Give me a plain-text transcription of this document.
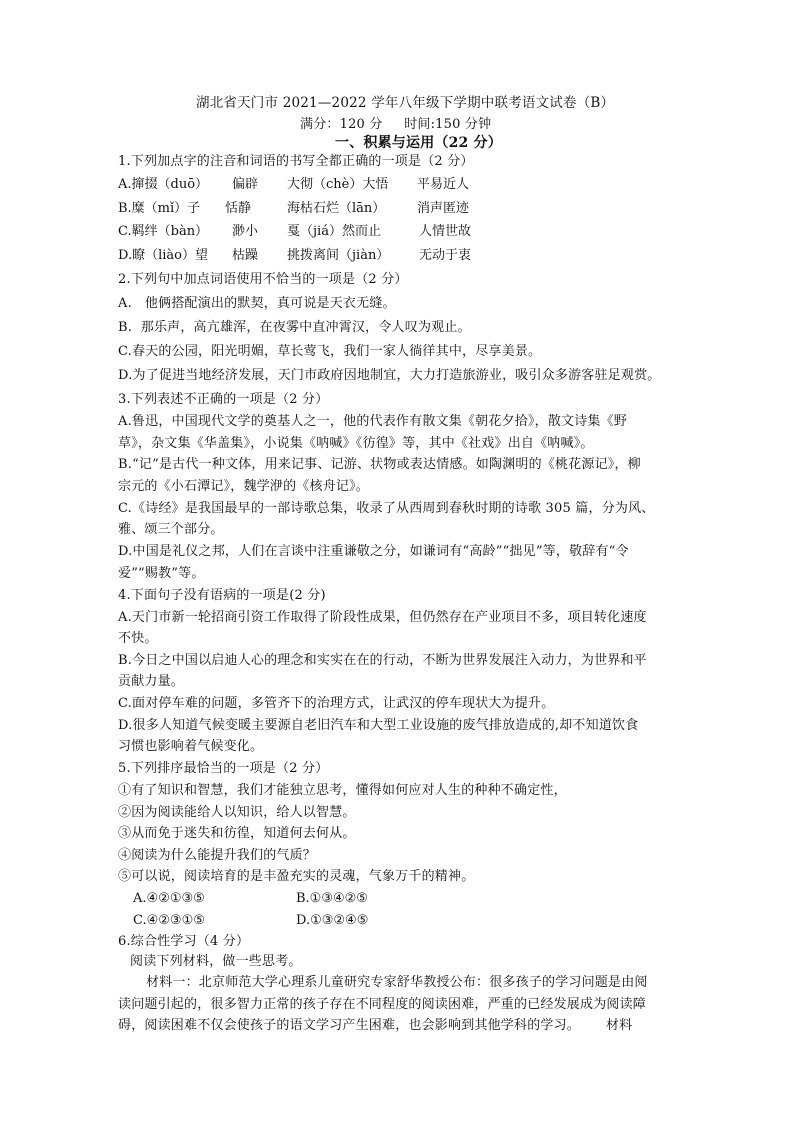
湖北省天门市 2021—2022 学年八年级下学期中联考语文试卷（B）
满分：120 分     时间:150 分钟
一、积累与运用（22 分）
1.下列加点字的注音和词语的书写全都正确的一项是（2 分）
A.撺掇（duō） 偏辟 大彻（chè）大悟 平易近人
B.糜（mǐ）子 恬静	海枯石烂（lān） 消声匿迹
C.羁绊（bàn） 渺小 戛（jiá）然而止	人情世故
D.瞭（liào）望 枯躁 挑拨离间（jiàn） 无动于衷
2.下列句中加点词语使用不恰当的一项是（2 分）
A.   他俩搭配演出的默契，真可说是天衣无缝。
B.  那乐声，高亢雄浑，在夜雾中直冲霄汉，令人叹为观止。
C.春天的公园，阳光明媚，草长莺飞，我们一家人徜徉其中，尽享美景。
D.为了促进当地经济发展，天门市政府因地制宜，大力打造旅游业，吸引众多游客驻足观赏。
3.下列表述不正确的一项是（2 分）
A.鲁迅，中国现代文学的奠基人之一，他的代表作有散文集《朝花夕拾》，散文诗集《野
草》，杂文集《华盖集》，小说集《呐喊》《彷徨》等，其中《社戏》出自《呐喊》。
B.“记”是古代一种文体，用来记事、记游、状物或表达情感。如陶渊明的《桃花源记》，柳
宗元的《小石潭记》，魏学洢的《核舟记》。
C.《诗经》是我国最早的一部诗歌总集，收录了从西周到春秋时期的诗歌 305 篇，分为风、
雅、颂三个部分。
D.中国是礼仪之邦，人们在言谈中注重谦敬之分，如谦词有“高龄”“拙见”等，敬辞有“令
爱”“赐教”等。
4.下面句子没有语病的一项是(2 分)
A.天门市新一轮招商引资工作取得了阶段性成果，但仍然存在产业项目不多，项目转化速度
不快。
B.今日之中国以启迪人心的理念和实实在在的行动，不断为世界发展注入动力，为世界和平
贡献力量。
C.面对停车难的问题，多管齐下的治理方式，让武汉的停车现状大为提升。
D.很多人知道气候变暖主要源自老旧汽车和大型工业设施的废气排放造成的,却不知道饮食
习惯也影响着气候变化。
5.下列排序最恰当的一项是（2 分）
①有了知识和智慧，我们才能独立思考，懂得如何应对人生的种种不确定性，
②因为阅读能给人以知识，给人以智慧。
③从而免于迷失和彷徨，知道何去何从。
④阅读为什么能提升我们的气质？
⑤可以说，阅读培育的是丰盈充实的灵魂，气象万千的精神。
A.④②①③⑤	B.①③④②⑤
C.④②③①⑤	D.①③②④⑤
6.综合性学习（4 分）
阅读下列材料，做一些思考。
材料一：北京师范大学心理系儿童研究专家舒华教授公布：很多孩子的学习问题是由阅
读问题引起的，很多智力正常的孩子存在不同程度的阅读困难，严重的已经发展成为阅读障
碍，阅读困难不仅会使孩子的语文学习产生困难，也会影响到其他学科的学习。      材料
